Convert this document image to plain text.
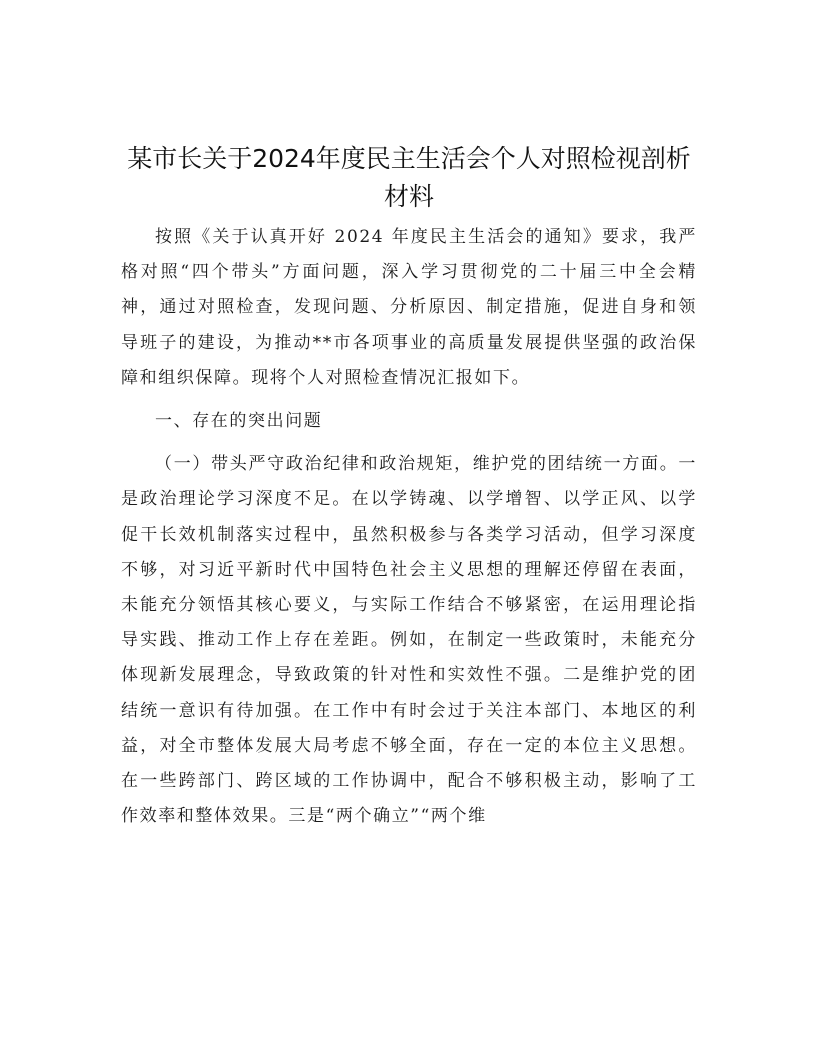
某市长关于2024年度民主生活会个人对照检视剖析材料

按照《关于认真开好 2024 年度民主生活会的通知》要求，我严格对照“四个带头”方面问题，深入学习贯彻党的二十届三中全会精神，通过对照检查，发现问题、分析原因、制定措施，促进自身和领导班子的建设，为推动**市各项事业的高质量发展提供坚强的政治保障和组织保障。现将个人对照检查情况汇报如下。

一、存在的突出问题

（一）带头严守政治纪律和政治规矩，维护党的团结统一方面。一是政治理论学习深度不足。在以学铸魂、以学增智、以学正风、以学促干长效机制落实过程中，虽然积极参与各类学习活动，但学习深度不够，对习近平新时代中国特色社会主义思想的理解还停留在表面，未能充分领悟其核心要义，与实际工作结合不够紧密，在运用理论指导实践、推动工作上存在差距。例如，在制定一些政策时，未能充分体现新发展理念，导致政策的针对性和实效性不强。二是维护党的团结统一意识有待加强。在工作中有时会过于关注本部门、本地区的利益，对全市整体发展大局考虑不够全面，存在一定的本位主义思想。在一些跨部门、跨区域的工作协调中，配合不够积极主动，影响了工作效率和整体效果。三是“两个确立”“两个维
